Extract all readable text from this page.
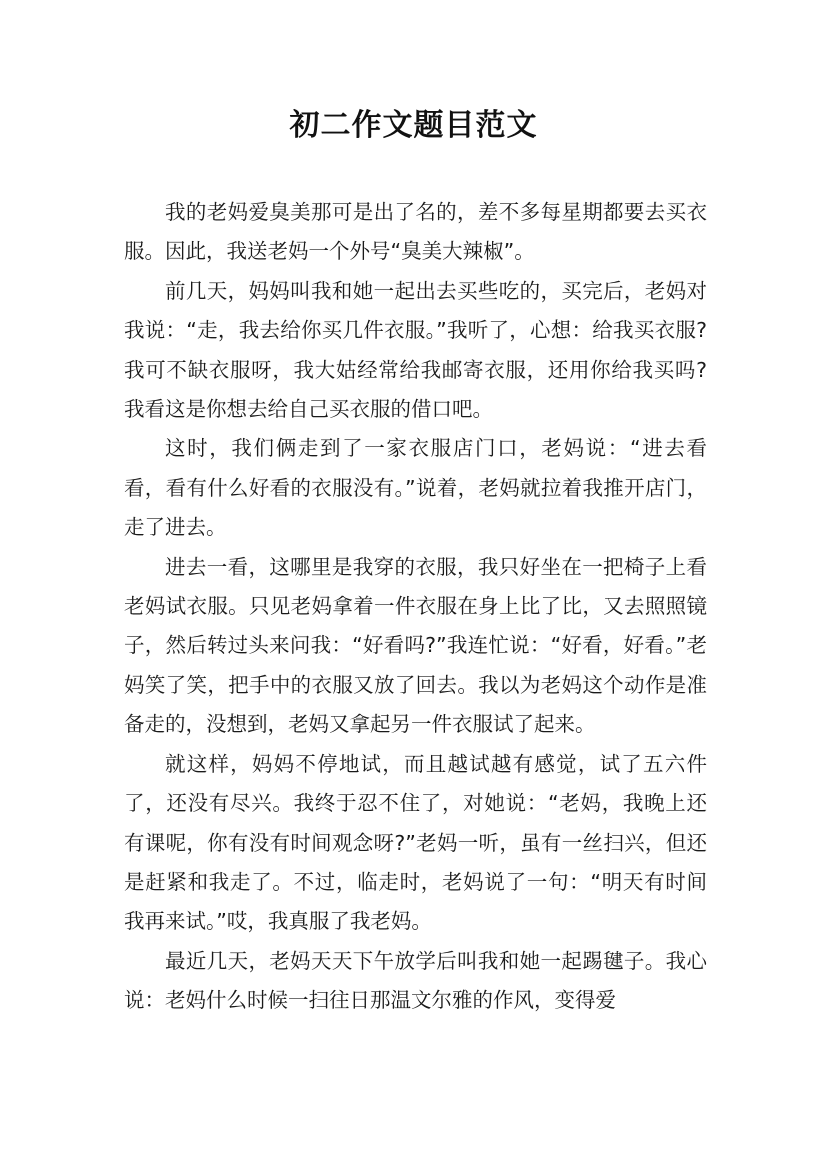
初二作文题目范文

我的老妈爱臭美那可是出了名的，差不多每星期都要去买衣服。因此，我送老妈一个外号“臭美大辣椒”。

前几天，妈妈叫我和她一起出去买些吃的，买完后，老妈对我说：“走，我去给你买几件衣服。”我听了，心想：给我买衣服?我可不缺衣服呀，我大姑经常给我邮寄衣服，还用你给我买吗?我看这是你想去给自己买衣服的借口吧。

这时，我们俩走到了一家衣服店门口，老妈说：“进去看看，看有什么好看的衣服没有。”说着，老妈就拉着我推开店门，走了进去。

进去一看，这哪里是我穿的衣服，我只好坐在一把椅子上看老妈试衣服。只见老妈拿着一件衣服在身上比了比，又去照照镜子，然后转过头来问我：“好看吗?”我连忙说：“好看，好看。”老妈笑了笑，把手中的衣服又放了回去。我以为老妈这个动作是准备走的，没想到，老妈又拿起另一件衣服试了起来。

就这样，妈妈不停地试，而且越试越有感觉，试了五六件了，还没有尽兴。我终于忍不住了，对她说：“老妈，我晚上还有课呢，你有没有时间观念呀?”老妈一听，虽有一丝扫兴，但还是赶紧和我走了。不过，临走时，老妈说了一句：“明天有时间我再来试。”哎，我真服了我老妈。

最近几天，老妈天天下午放学后叫我和她一起踢毽子。我心说：老妈什么时候一扫往日那温文尔雅的作风，变得爱
